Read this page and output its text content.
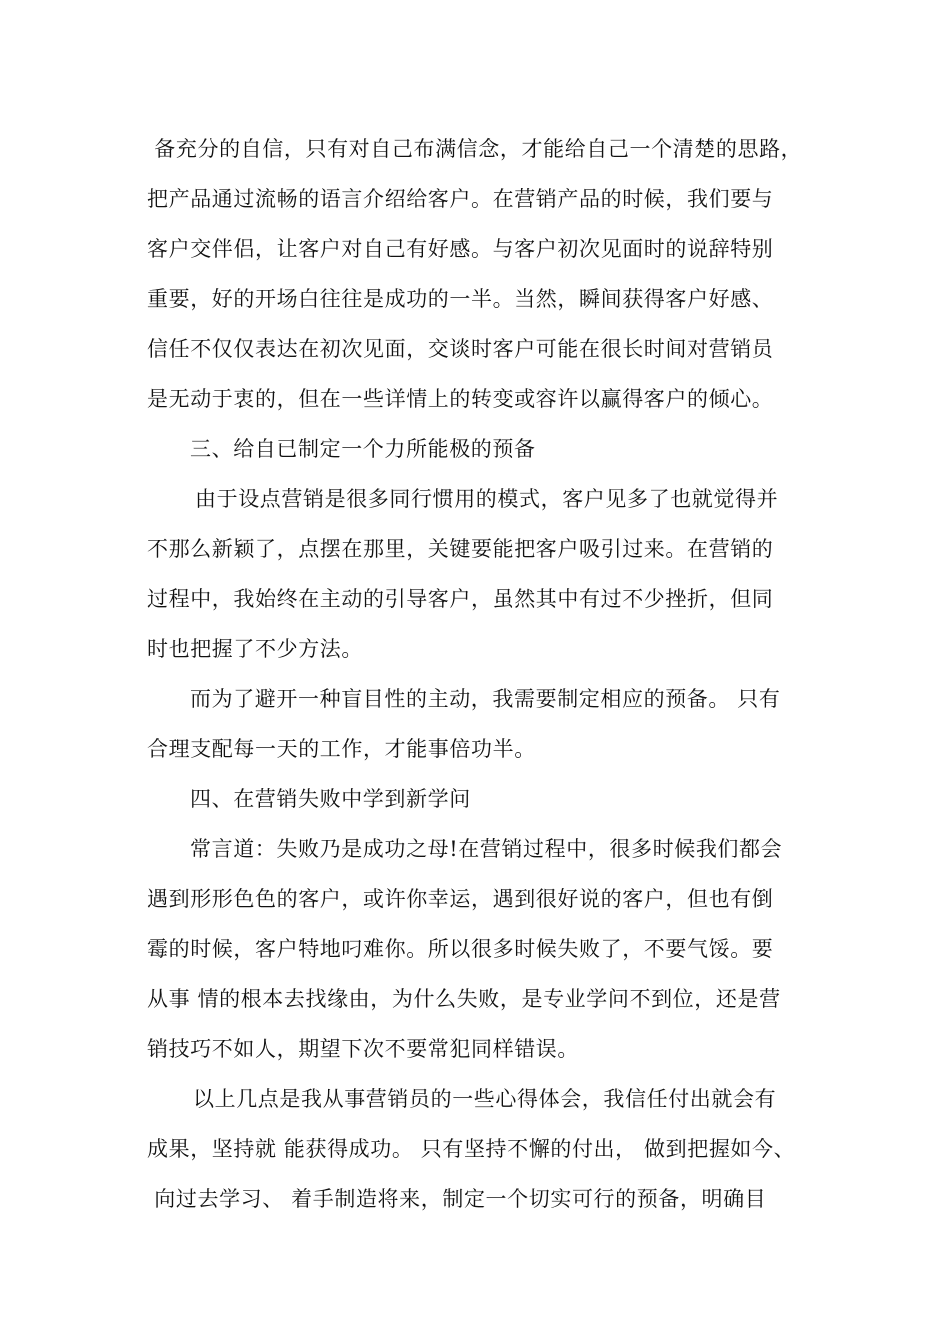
备充分的自信，只有对自己布满信念，才能给自己一个清楚的思路，
把产品通过流畅的语言介绍给客户。在营销产品的时候，我们要与
客户交伴侣，让客户对自己有好感。与客户初次见面时的说辞特别
重要，好的开场白往往是成功的一半。当然，瞬间获得客户好感、
信任不仅仅表达在初次见面，交谈时客户可能在很长时间对营销员
是无动于衷的，但在一些详情上的转变或容许以赢得客户的倾心。
三、给自已制定一个力所能极的预备
由于设点营销是很多同行惯用的模式，客户见多了也就觉得并
不那么新颖了，点摆在那里，关键要能把客户吸引过来。在营销的
过程中，我始终在主动的引导客户，虽然其中有过不少挫折，但同
时也把握了不少方法。
而为了避开一种盲目性的主动，我需要制定相应的预备。 只有
合理支配每一天的工作，才能事倍功半。
四、在营销失败中学到新学问
常言道：失败乃是成功之母!在营销过程中，很多时候我们都会
遇到形形色色的客户，或许你幸运，遇到很好说的客户，但也有倒
霉的时候，客户特地叼难你。所以很多时候失败了，不要气馁。要
从事 情的根本去找缘由，为什么失败，是专业学问不到位，还是营
销技巧不如人，期望下次不要常犯同样错误。
以上几点是我从事营销员的一些心得体会，我信任付出就会有
成果，坚持就 能获得成功。 只有坚持不懈的付出， 做到把握如今、
向过去学习、 着手制造将来，制定一个切实可行的预备，明确目
